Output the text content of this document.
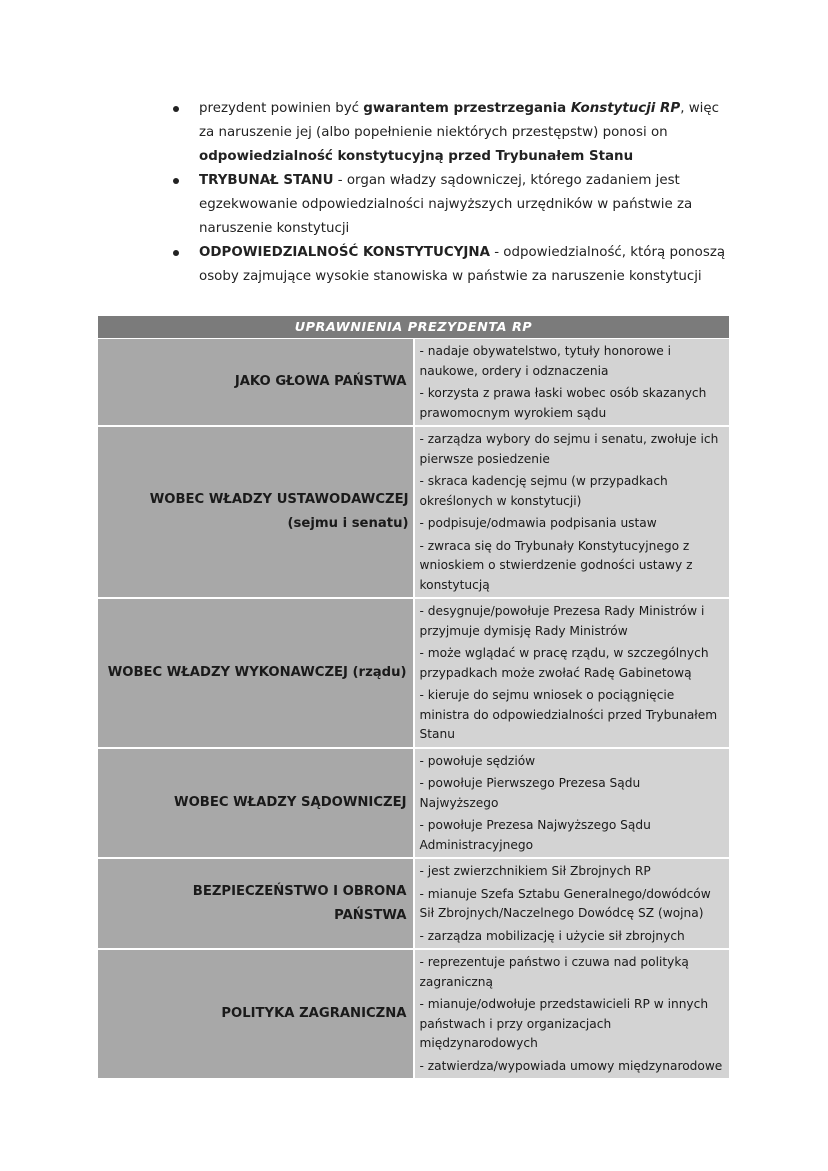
prezydent powinien być gwarantem przestrzegania Konstytucji RP, więc za naruszenie jej (albo popełnienie niektórych przestępstw) ponosi on odpowiedzialność konstytucyjną przed Trybunałem Stanu
TRYBUNAŁ STANU - organ władzy sądowniczej, którego zadaniem jest egzekwowanie odpowiedzialności najwyższych urzędników w państwie za naruszenie konstytucji
ODPOWIEDZIALNOŚĆ KONSTYTUCYJNA - odpowiedzialność, którą ponoszą osoby zajmujące wysokie stanowiska w państwie za naruszenie konstytucji
UPRAWNIENIA PREZYDENTA RP	
JAKO GŁOWA PAŃSTWA	- nadaje obywatelstwo, tytuły honorowe i naukowe, ordery i odznaczenia
- korzysta z prawa łaski wobec osób skazanych prawomocnym wyrokiem sądu

WOBEC WŁADZY USTAWODAWCZEJ (sejmu i senatu)	- zarządza wybory do sejmu i senatu, zwołuje ich pierwsze posiedzenie
- skraca kadencję sejmu (w przypadkach określonych w konstytucji)
- podpisuje/odmawia podpisania ustaw
- zwraca się do Trybunały Konstytucyjnego z wnioskiem o stwierdzenie godności ustawy z konstytucją

WOBEC WŁADZY WYKONAWCZEJ (rządu)	- desygnuje/powołuje Prezesa Rady Ministrów i przyjmuje dymisję Rady Ministrów
- może wglądać w pracę rządu, w szczególnych przypadkach może zwołać Radę Gabinetową
- kieruje do sejmu wniosek o pociągnięcie ministra do odpowiedzialności przed Trybunałem Stanu

WOBEC WŁADZY SĄDOWNICZEJ	- powołuje sędziów
- powołuje Pierwszego Prezesa Sądu Najwyższego
- powołuje Prezesa Najwyższego Sądu Administracyjnego

BEZPIECZEŃSTWO I OBRONA PAŃSTWA	- jest zwierzchnikiem Sił Zbrojnych RP
- mianuje Szefa Sztabu Generalnego/dowódców Sił Zbrojnych/Naczelnego Dowódcę SZ (wojna)
- zarządza mobilizację i użycie sił zbrojnych

POLITYKA ZAGRANICZNA	- reprezentuje państwo i czuwa nad polityką zagraniczną
- mianuje/odwołuje przedstawicieli RP w innych państwach i przy organizacjach międzynarodowych
- zatwierdza/wypowiada umowy międzynarodowe
